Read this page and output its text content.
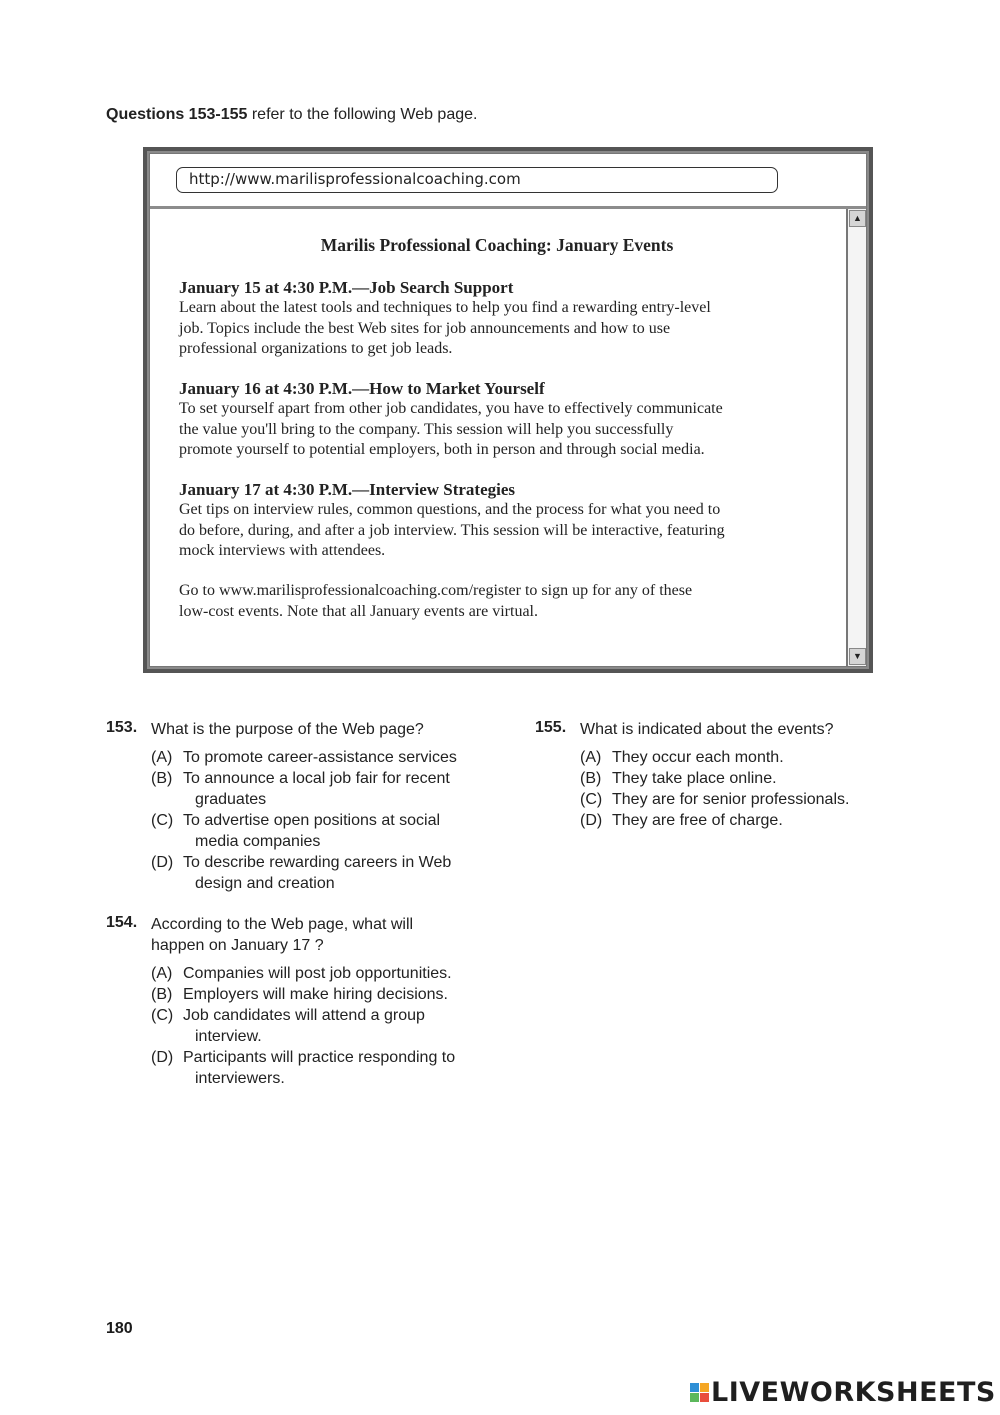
Questions 153-155 refer to the following Web page.
http://www.marilisprofessionalcoaching.com
Marilis Professional Coaching: January Events
January 15 at 4:30 P.M.—Job Search Support
Learn about the latest tools and techniques to help you find a rewarding entry-level
job. Topics include the best Web sites for job announcements and how to use
professional organizations to get job leads.
January 16 at 4:30 P.M.—How to Market Yourself
To set yourself apart from other job candidates, you have to effectively communicate
the value you'll bring to the company. This session will help you successfully
promote yourself to potential employers, both in person and through social media.
January 17 at 4:30 P.M.—Interview Strategies
Get tips on interview rules, common questions, and the process for what you need to
do before, during, and after a job interview. This session will be interactive, featuring
mock interviews with attendees.
Go to www.marilisprofessionalcoaching.com/register to sign up for any of these
low-cost events. Note that all January events are virtual.
▲
▼
153. What is the purpose of the Web page?
(A) To promote career-assistance services
(B) To announce a local job fair for recent
graduates
(C) To advertise open positions at social
media companies
(D) To describe rewarding careers in Web
design and creation
154. According to the Web page, what will
happen on January 17 ?
(A) Companies will post job opportunities.
(B) Employers will make hiring decisions.
(C) Job candidates will attend a group
interview.
(D) Participants will practice responding to
interviewers.
155. What is indicated about the events?
(A) They occur each month.
(B) They take place online.
(C) They are for senior professionals.
(D) They are free of charge.
180
LIVEWORKSHEETS
